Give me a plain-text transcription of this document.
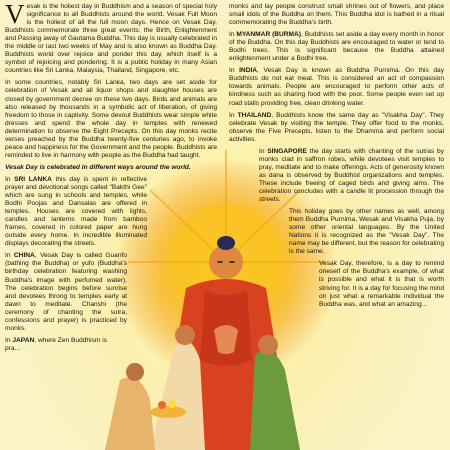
Vesak is the holiest day in Buddhism and a season of special holy significance to all Buddhists around the world. Vesak Full Moon is the holiest of all the full moon days. Hence on Vesak Day, Buddhists commemorate three great events: the Birth, Enlightenment and Passing away of Gautama Buddha. This day is usually celebrated in the middle or last two weeks of May and is also known as Buddha Day. Buddhists world over rejoice and ponder this day, which itself is a symbol of rejoicing and pondering. It is a public holiday in many Asian countries like Sri Lanka, Malaysia, Thailand, Singapore, etc.

In some countries, notably Sri Lanka, two days are set aside for celebration of Vesak and all liquor shops and slaughter houses are closed by government decree on these two days. Birds and animals are also released by thousands in a symbolic act of liberation, of giving freedom to those in captivity. Some devout Buddhists wear simple white dresses and spend the whole day in temples with renewed determination to observe the Eight Precepts. On this day monks recite verses preached by the Buddha twenty-five centuries ago, to invoke peace and happiness for the Government and the people. Buddhists are reminded to live in harmony with people as the Buddha had taught.

Vesak Day is celebrated in different ways around the world.

In SRI LANKA this day is spent in reflective prayer and devotional songs called "Bakthi Gee" which are sung in schools and temples, while Bodhi Poojas and Dansalas are offered in temples. Houses are covered with lights, candles and lanterns made from bamboo frames, covered in colored paper are hung outside every home. In incredible illuminated displays decorating the streets.

In CHINA, Vesak Day is called Guanfo (bathing the Buddha) or yufo (Buddha's birthday celebration featuring washing Buddha's image with perfumed water). The celebration begins before sunrise and devotees throng to temples early at dawn to meditate. Chanshi (the ceremony of chanting the sutra, confessions and prayer) is practiced by monks.

In JAPAN, where Zen Buddhism is pra...

monks and lay people construct small shrines out of flowers, and place small idols of the Buddha on them. This Buddha idol is bathed in a ritual commemorating the Buddha's birth.

In MYANMAR (BURMA), Buddhists set aside a day every month in honor of the Buddha. On this day Buddhists are encouraged to water or tend to Bodhi trees. This is significant because the Buddha attained enlightenment under a Bodhi tree.

In INDIA, Vesak Day is known as Buddha Purnima. On this day Buddhists do not eat meat. This is considered an act of compassion towards animals. People are encouraged to perform other acts of kindness such as sharing food with the poor. Some people even set up road stalls providing free, clean drinking water.

In THAILAND, Buddhists know the same day as "Visakha Day". They celebrate Vesak by visiting the temple. They offer food to the monks, observe the Five Precepts, listen to the Dhamma and perform social activities.

In SINGAPORE the day starts with chanting of the sutras by monks clad in saffron robes, while devotees visit temples to pray, meditate and to make offerings. Acts of generosity known as dana is observed by Buddhist organizations and temples. These include freeing of caged birds and giving alms. The celebration concludes with a candle lit procession through the streets.

This holiday goes by other names as well, among them Buddha Purnima, Wesak and Visakha Puja, by some other oriental languages. By the United Nations it is recognized as the "Vesak Day". The name may be different, but the reason for celebrating is the same.

Vesak Day, therefore, is a day to remind oneself of the Buddha's example, of what is possible and what it is that is worth striving for. It is a day for focusing the mind on just what a remarkable individual the Buddha was, and what an amazing...
